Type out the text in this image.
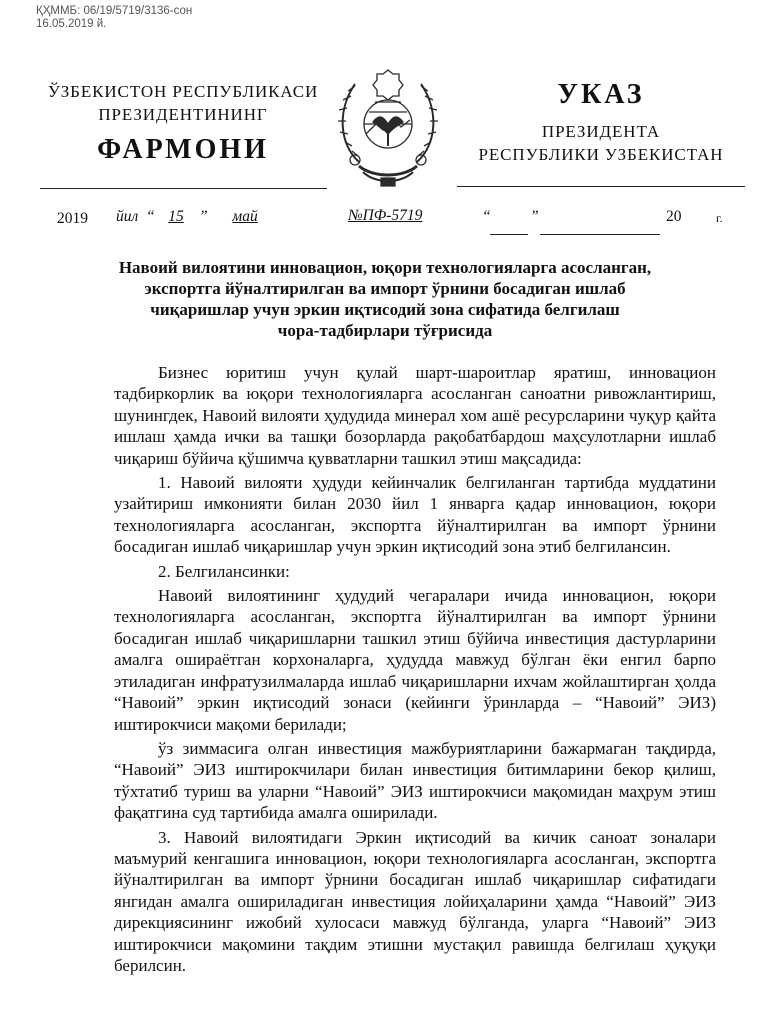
ҚҲММБ: 06/19/5719/3136-сон
16.05.2019 й.
ЎЗБЕКИСТОН РЕСПУБЛИКАСИ
ПРЕЗИДЕНТИНИНГ
ФАРМОНИ
УКАЗ
ПРЕЗИДЕНТА
РЕСПУБЛИКИ УЗБЕКИСТАН
2019 йил “ 15 ”	май	№ПФ-5719	“	”	20	г.
Навоий вилоятини инновацион, юқори технологияларга асосланган,
экспортга йўналтирилган ва импорт ўрнини босадиган ишлаб
чиқаришлар учун эркин иқтисодий зона сифатида белгилаш
чора-тадбирлари тўғрисида

Бизнес юритиш учун қулай шарт-шароитлар яратиш, инновацион тадбиркорлик ва юқори технологияларга асосланган саноатни ривожлантириш, шунингдек, Навоий вилояти ҳудудида минерал хом ашё ресурсларини чуқур қайта ишлаш ҳамда ички ва ташқи бозорларда рақобатбардош маҳсулотларни ишлаб чиқариш бўйича қўшимча қувватларни ташкил этиш мақсадида:

1. Навоий вилояти ҳудуди кейинчалик белгиланган тартибда муддатини узайтириш имконияти билан 2030 йил 1 январга қадар инновацион, юқори технологияларга асосланган, экспортга йўналтирилган ва импорт ўрнини босадиган ишлаб чиқаришлар учун эркин иқтисодий зона этиб белгилансин.

2. Белгилансинки:

Навоий вилоятининг ҳудудий чегаралари ичида инновацион, юқори технологияларга асосланган, экспортга йўналтирилган ва импорт ўрнини босадиган ишлаб чиқаришларни ташкил этиш бўйича инвестиция дастурларини амалга ошираётган корхоналарга, ҳудудда мавжуд бўлган ёки енгил барпо этиладиган инфратузилмаларда ишлаб чиқаришларни ихчам жойлаштирган ҳолда “Навоий” эркин иқтисодий зонаси (кейинги ўринларда – “Навоий” ЭИЗ) иштирокчиси мақоми берилади;

ўз зиммасига олган инвестиция мажбуриятларини бажармаган тақдирда, “Навоий” ЭИЗ иштирокчилари билан инвестиция битимларини бекор қилиш, тўхтатиб туриш ва уларни “Навоий” ЭИЗ иштирокчиси мақомидан маҳрум этиш фақатгина суд тартибида амалга оширилади.

3. Навоий вилоятидаги Эркин иқтисодий ва кичик саноат зоналари маъмурий кенгашига инновацион, юқори технологияларга асосланган, экспортга йўналтирилган ва импорт ўрнини босадиган ишлаб чиқаришлар сифатидаги янгидан амалга ошириладиган инвестиция лойиҳаларини ҳамда “Навоий” ЭИЗ дирекциясининг ижобий хулосаси мавжуд бўлганда, уларга “Навоий” ЭИЗ иштирокчиси мақомини тақдим этишни мустақил равишда белгилаш ҳуқуқи берилсин.
